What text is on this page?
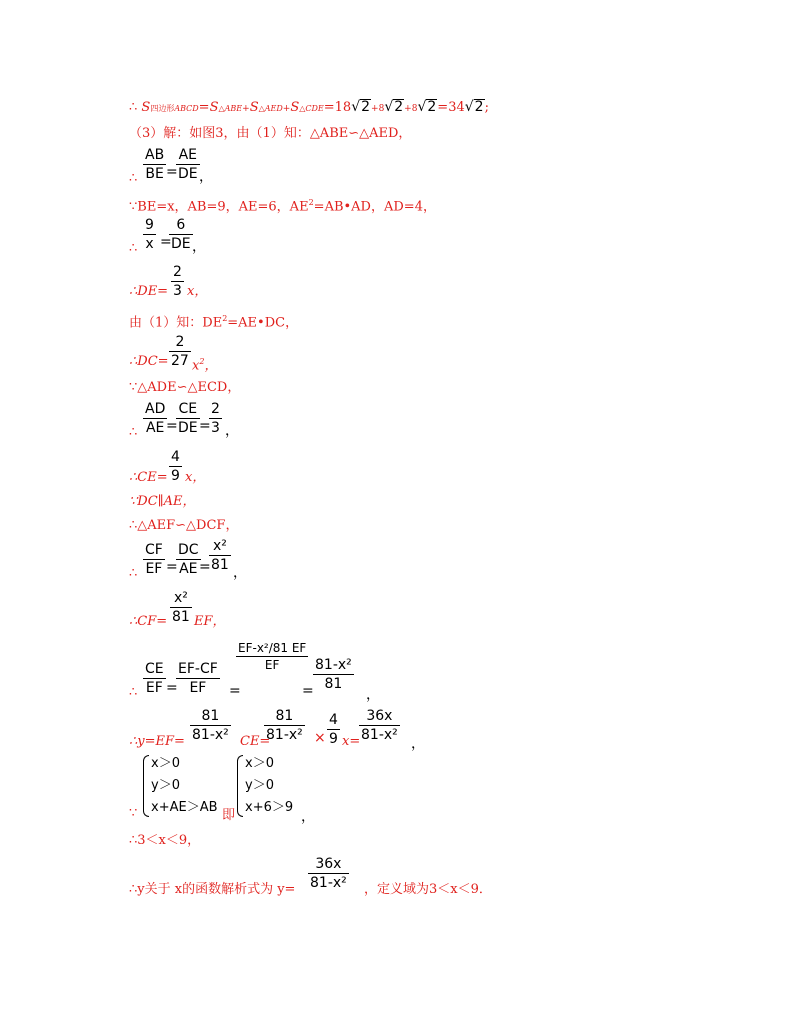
∴ S四边形ABCD=S△ABE+S△AED+S△CDE=18√2+8√2+8√2=34√2;
（3）解：如图3，由（1）知：△ABE∽△AED，
$\frac{AB}{BE}$ =
$\frac{AE}{DE}$ ，
∴
∵BE=x，AB=9，AE=6，$AE^2=AB•AD$，AD=4，
$\frac{9}{x}$ =
$\frac{6}{DE}$ ，
∴
∴DE= $\frac{2}{3}$ x，
由（1）知：$DE^2=AE•DC$，
∴DC= $\frac{2}{27} x^2$，
∵△ADE∽△ECD，
$\frac{AD}{AE}$
=
$\frac{CE}{DE}$ =
$\frac{2}{3}$ ，
∴
∴CE= $\frac{4}{9}$ x，
∵DC∥AE，
∴△AEF∽△DCF，
$\frac{CF}{EF}$ =
$\frac{DC}{AE}$
=
$\frac{\text{x²}}{81}$ ，
∴
∴CF= $\frac{\text{x²}}{81}$ EF，
$\frac{CE}{EF}$ =
$\frac{EF-CF}{EF}$ =
$\frac{\text{EF-x²/81 EF}}{EF}$
= $\frac{\text{81-x²}}{81}$
，
∴
∴y=EF= $\frac{81}{\text{81-x²}} CE=$
$\frac{81}{\text{81-x²}} \times \frac{4}{9} x=$
$\frac{36x}{\text{81-x²}}$
，
x＞0
y＞0
x+AE＞AB
∵	即
x＞0
y＞0
x+6＞9
，
∴3＜x＜9，
∴y关于 x的函数解析式为 $y= \frac{36x}{\text{81-x²}}$ ，定义域为3＜x＜9．
